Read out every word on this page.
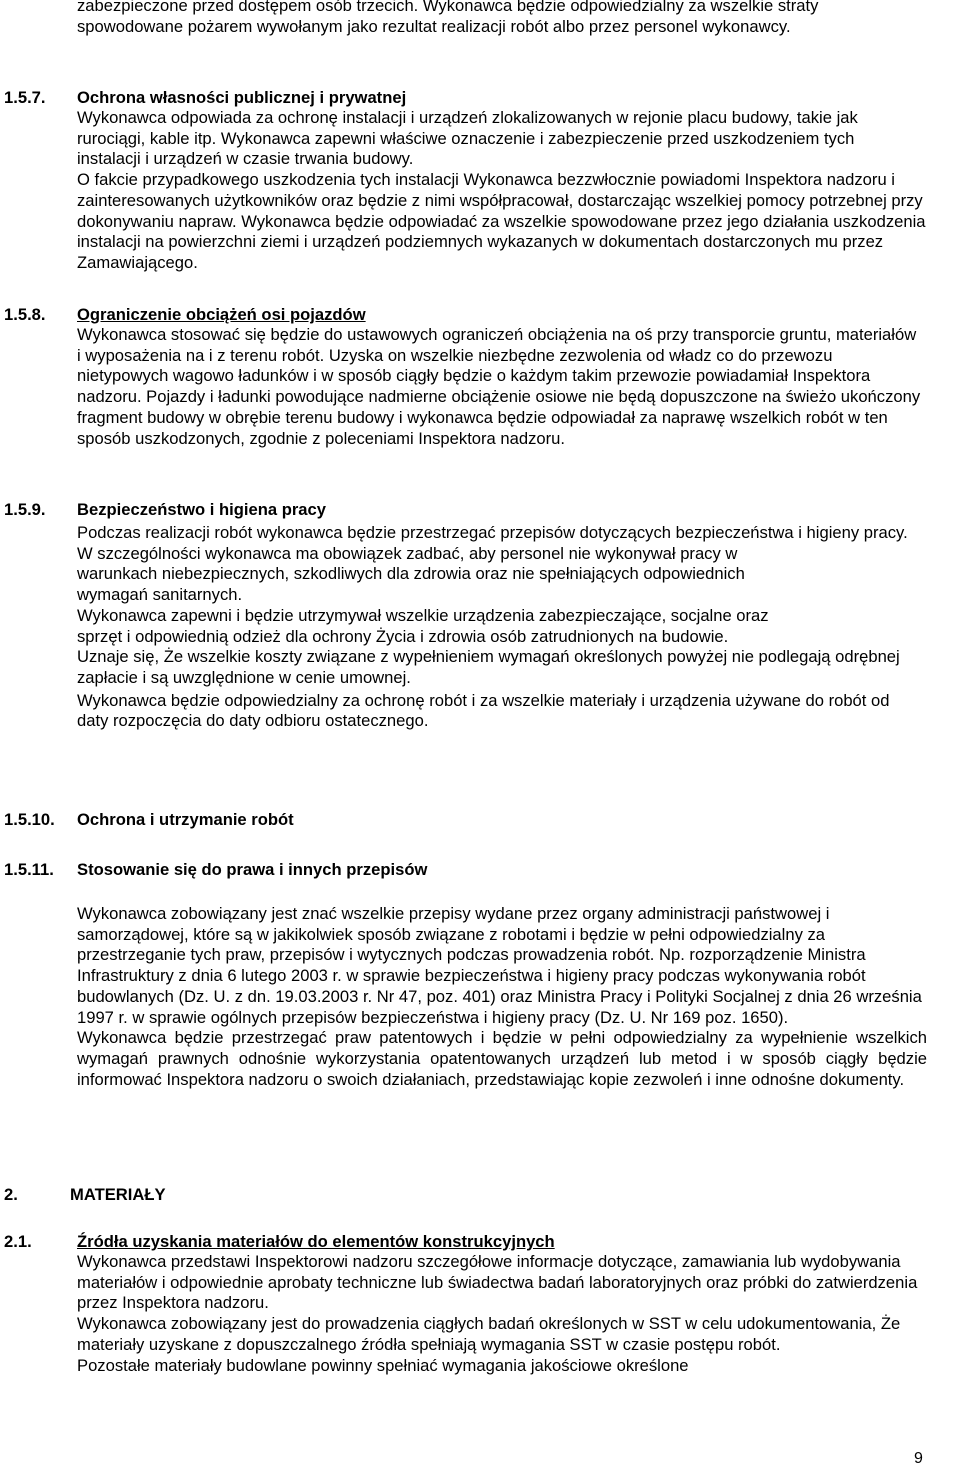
zabezpieczone przed dostępem osób trzecich. Wykonawca będzie odpowiedzialny za wszelkie straty spowodowane pożarem wywołanym jako rezultat realizacji robót albo przez personel wykonawcy.

1.5.7. Ochrona własności publicznej i prywatnej

Wykonawca odpowiada za ochronę instalacji i urządzeń zlokalizowanych w rejonie placu budowy, takie jak rurociągi, kable itp. Wykonawca zapewni właściwe oznaczenie i zabezpieczenie przed uszkodzeniem tych instalacji i urządzeń w czasie trwania budowy.

O fakcie przypadkowego uszkodzenia tych instalacji Wykonawca bezzwłocznie powiadomi Inspektora nadzoru i zainteresowanych użytkowników oraz będzie z nimi współpracował, dostarczając wszelkiej pomocy potrzebnej przy dokonywaniu napraw. Wykonawca będzie odpowiadać za wszelkie spowodowane przez jego działania uszkodzenia instalacji na powierzchni ziemi i urządzeń podziemnych wykazanych w dokumentach dostarczonych mu przez Zamawiającego.

1.5.8. Ograniczenie obciążeń osi pojazdów

Wykonawca stosować się będzie do ustawowych ograniczeń obciążenia na oś przy transporcie gruntu, materiałów i wyposażenia na i z terenu robót. Uzyska on wszelkie niezbędne zezwolenia od władz co do przewozu nietypowych wagowo ładunków i w sposób ciągły będzie o każdym takim przewozie powiadamiał Inspektora nadzoru. Pojazdy i ładunki powodujące nadmierne obciążenie osiowe nie będą dopuszczone na świeżo ukończony fragment budowy w obrębie terenu budowy i wykonawca będzie odpowiadał za naprawę wszelkich robót w ten sposób uszkodzonych, zgodnie z poleceniami Inspektora nadzoru.

1.5.9. Bezpieczeństwo i higiena pracy

Podczas realizacji robót wykonawca będzie przestrzegać przepisów dotyczących bezpieczeństwa i higieny pracy.

W szczególności wykonawca ma obowiązek zadbać, aby personel nie wykonywał pracy w warunkach niebezpiecznych, szkodliwych dla zdrowia oraz nie spełniających odpowiednich wymagań sanitarnych.

Wykonawca zapewni i będzie utrzymywał wszelkie urządzenia zabezpieczające, socjalne oraz sprzęt i odpowiednią odzież dla ochrony Życia i zdrowia osób zatrudnionych na budowie.

Uznaje się, Że wszelkie koszty związane z wypełnieniem wymagań określonych powyżej nie podlegają odrębnej zapłacie i są uwzględnione w cenie umownej.

Wykonawca będzie odpowiedzialny za ochronę robót i za wszelkie materiały i urządzenia używane do robót od daty rozpoczęcia do daty odbioru ostatecznego.

1.5.10. Ochrona i utrzymanie robót

1.5.11. Stosowanie się do prawa i innych przepisów

Wykonawca zobowiązany jest znać wszelkie przepisy wydane przez organy administracji państwowej i samorządowej, które są w jakikolwiek sposób związane z robotami i będzie w pełni odpowiedzialny za przestrzeganie tych praw, przepisów i wytycznych podczas prowadzenia robót. Np. rozporządzenie Ministra Infrastruktury z dnia 6 lutego 2003 r. w sprawie bezpieczeństwa i higieny pracy podczas wykonywania robót budowlanych (Dz. U. z dn. 19.03.2003 r. Nr 47, poz. 401) oraz Ministra Pracy i Polityki Socjalnej z dnia 26 września 1997 r. w sprawie ogólnych przepisów bezpieczeństwa i higieny pracy (Dz. U. Nr 169 poz. 1650).

Wykonawca będzie przestrzegać praw patentowych i będzie w pełni odpowiedzialny za wypełnienie wszelkich wymagań prawnych odnośnie wykorzystania opatentowanych urządzeń lub metod i w sposób ciągły będzie informować Inspektora nadzoru o swoich działaniach, przedstawiając kopie zezwoleń i inne odnośne dokumenty.

2.	MATERIAŁY

2.1.	Źródła uzyskania materiałów do elementów konstrukcyjnych

Wykonawca przedstawi Inspektorowi nadzoru szczegółowe informacje dotyczące, zamawiania lub wydobywania materiałów i odpowiednie aprobaty techniczne lub świadectwa badań laboratoryjnych oraz próbki do zatwierdzenia przez Inspektora nadzoru.

Wykonawca zobowiązany jest do prowadzenia ciągłych badań określonych w SST w celu udokumentowania, Że materiały uzyskane z dopuszczalnego źródła spełniają wymagania SST w czasie postępu robót.

Pozostałe materiały budowlane powinny spełniać wymagania jakościowe określone

9
